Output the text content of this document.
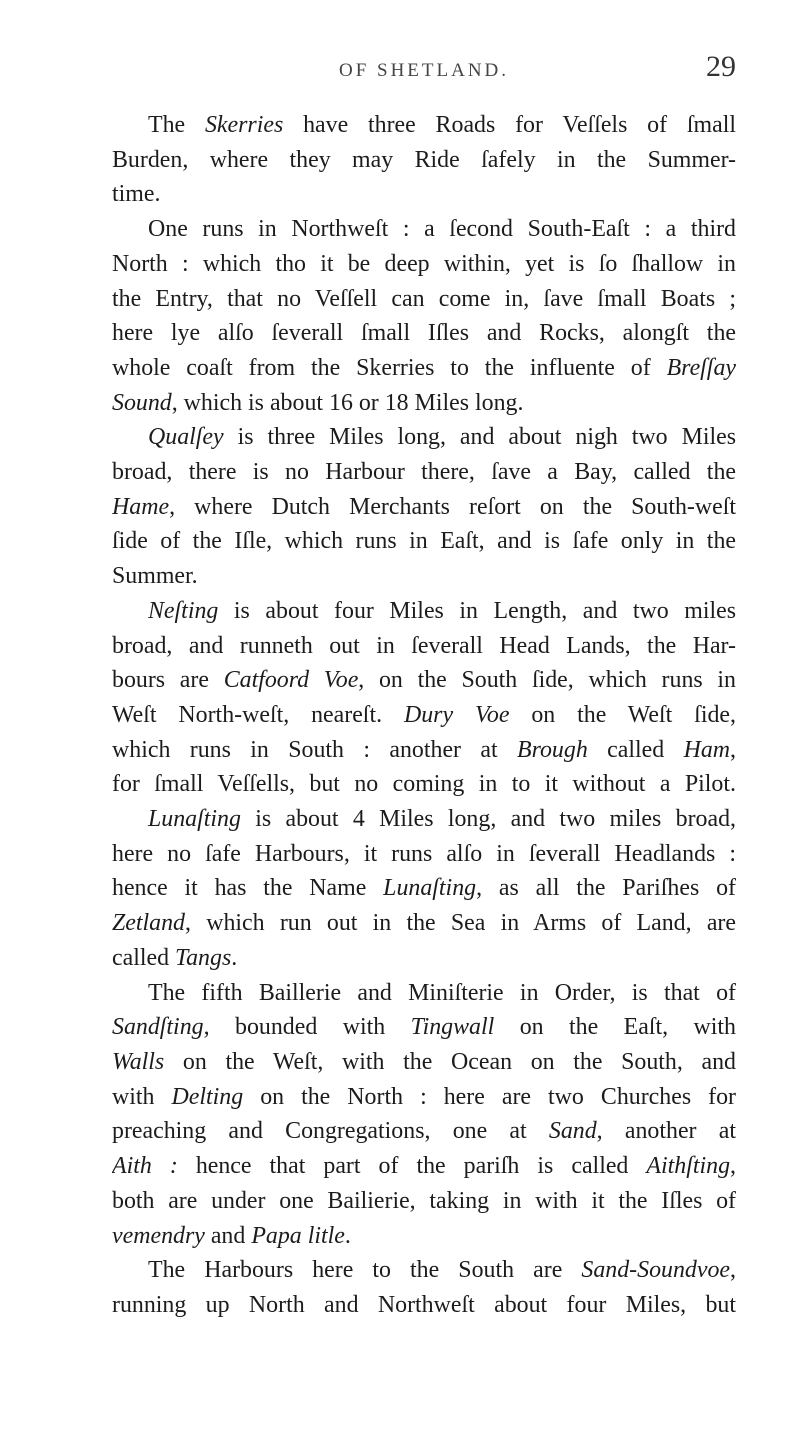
OF SHETLAND.	29
The Skerries have three Roads for Veſſels of ſmall
Burden, where they may Ride ſafely in the Summer-
time.
One runs in Northweſt : a ſecond South-Eaſt : a third
North : which tho it be deep within, yet is ſo ſhallow in
the Entry, that no Veſſell can come in, ſave ſmall Boats ;
here lye alſo ſeverall ſmall Iſles and Rocks, alongſt the
whole coaſt from the Skerries to the influente of Breſſay
Sound, which is about 16 or 18 Miles long.
Qualſey is three Miles long, and about nigh two Miles
broad, there is no Harbour there, ſave a Bay, called the
Hame, where Dutch Merchants reſort on the South-weſt
ſide of the Iſle, which runs in Eaſt, and is ſafe only in the
Summer.
Neſting is about four Miles in Length, and two miles
broad, and runneth out in ſeverall Head Lands, the Har-
bours are Catfoord Voe, on the South ſide, which runs in
Weſt North-weſt, neareſt. Dury Voe on the Weſt ſide,
which runs in South : another at Brough called Ham,
for ſmall Veſſells, but no coming in to it without a Pilot.
Lunaſting is about 4 Miles long, and two miles broad,
here no ſafe Harbours, it runs alſo in ſeverall Headlands :
hence it has the Name Lunaſting, as all the Pariſhes of
Zetland, which run out in the Sea in Arms of Land, are
called Tangs.
The fifth Baillerie and Miniſterie in Order, is that of
Sandſting, bounded with Tingwall on the Eaſt, with
Walls on the Weſt, with the Ocean on the South, and
with Delting on the North : here are two Churches for
preaching and Congregations, one at Sand, another at
Aith : hence that part of the pariſh is called Aithſting,
both are under one Bailierie, taking in with it the Iſles of
vemendry and Papa litle.
The Harbours here to the South are Sand-Soundvoe,
running up North and Northweſt about four Miles, but
